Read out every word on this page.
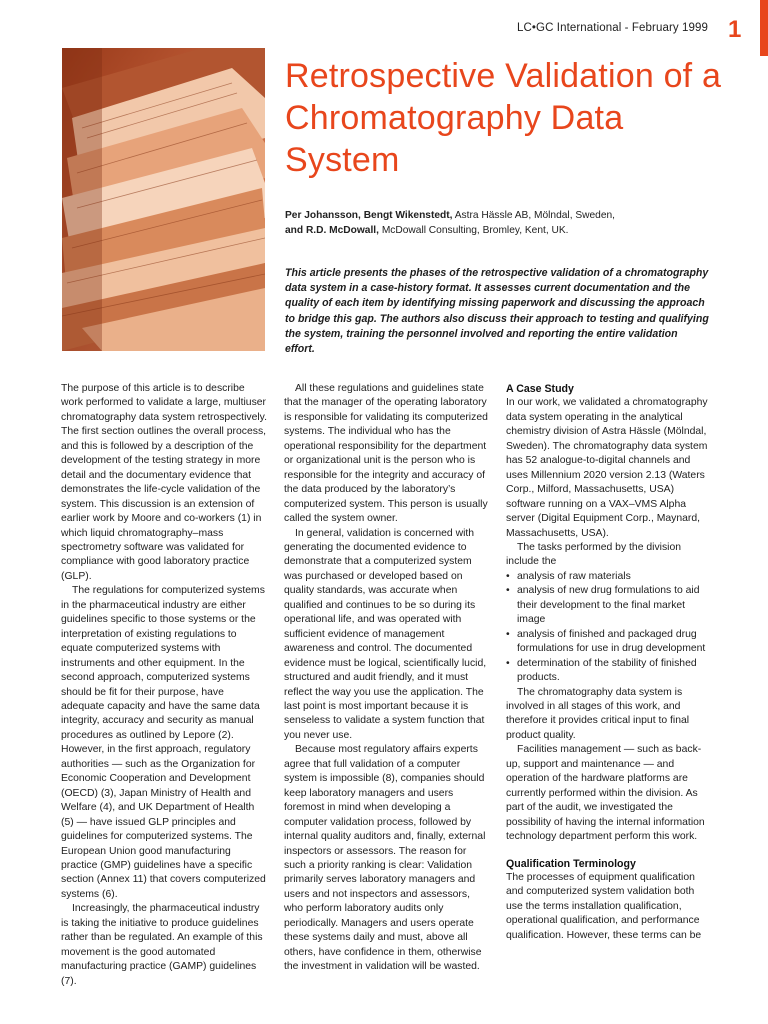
LC•GC International - February 1999 1
Retrospective Validation of a Chromatography Data System
Per Johansson, Bengt Wikenstedt, Astra Hässle AB, Mölndal, Sweden,
and R.D. McDowall, McDowall Consulting, Bromley, Kent, UK.

This article presents the phases of the retrospective validation of a chromatography data system in a case-history format. It assesses current documentation and the quality of each item by identifying missing paperwork and discussing the approach to bridge this gap. The authors also discuss their approach to testing and qualifying the system, training the personnel involved and reporting the entire validation effort.

The purpose of this article is to describe work performed to validate a large, multiuser chromatography data system retrospectively. The first section outlines the overall process, and this is followed by a description of the development of the testing strategy in more detail and the documentary evidence that demonstrates the life-cycle validation of the system. This discussion is an extension of earlier work by Moore and co-workers (1) in which liquid chromatography–mass spectrometry software was validated for compliance with good laboratory practice (GLP).

The regulations for computerized systems in the pharmaceutical industry are either guidelines specific to those systems or the interpretation of existing regulations to equate computerized systems with instruments and other equipment. In the second approach, computerized systems should be fit for their purpose, have adequate capacity and have the same data integrity, accuracy and security as manual procedures as outlined by Lepore (2). However, in the first approach, regulatory authorities — such as the Organization for Economic Cooperation and Development (OECD) (3), Japan Ministry of Health and Welfare (4), and UK Department of Health (5) — have issued GLP principles and guidelines for computerized systems. The European Union good manufacturing practice (GMP) guidelines have a specific section (Annex 11) that covers computerized systems (6).

Increasingly, the pharmaceutical industry is taking the initiative to produce guidelines rather than be regulated. An example of this movement is the good automated manufacturing practice (GAMP) guidelines (7).

All these regulations and guidelines state that the manager of the operating laboratory is responsible for validating its computerized systems. The individual who has the operational responsibility for the department or organizational unit is the person who is responsible for the integrity and accuracy of the data produced by the laboratory’s computerized system. This person is usually called the system owner.

In general, validation is concerned with generating the documented evidence to demonstrate that a computerized system was purchased or developed based on quality standards, was accurate when qualified and continues to be so during its operational life, and was operated with sufficient evidence of management awareness and control. The documented evidence must be logical, scientifically lucid, structured and audit friendly, and it must reflect the way you use the application. The last point is most important because it is senseless to validate a system function that you never use.

Because most regulatory affairs experts agree that full validation of a computer system is impossible (8), companies should keep laboratory managers and users foremost in mind when developing a computer validation process, followed by internal quality auditors and, finally, external inspectors or assessors. The reason for such a priority ranking is clear: Validation primarily serves laboratory managers and users and not inspectors and assessors, who perform laboratory audits only periodically. Managers and users operate these systems daily and must, above all others, have confidence in them, otherwise the investment in validation will be wasted.

A Case Study

In our work, we validated a chromatography data system operating in the analytical chemistry division of Astra Hässle (Mölndal, Sweden). The chromatography data system has 52 analogue-to-digital channels and uses Millennium 2020 version 2.13 (Waters Corp., Milford, Massachusetts, USA) software running on a VAX–VMS Alpha server (Digital Equipment Corp., Maynard, Massachusetts, USA).

The tasks performed by the division include the

• analysis of raw materials
• analysis of new drug formulations to aid their development to the final market image
• analysis of finished and packaged drug formulations for use in drug development
• determination of the stability of finished products.

The chromatography data system is involved in all stages of this work, and therefore it provides critical input to final product quality.

Facilities management — such as back-up, support and maintenance — and operation of the hardware platforms are currently performed within the division. As part of the audit, we investigated the possibility of having the internal information technology department perform this work.

Qualification Terminology

The processes of equipment qualification and computerized system validation both use the terms installation qualification, operational qualification, and performance qualification. However, these terms can be
